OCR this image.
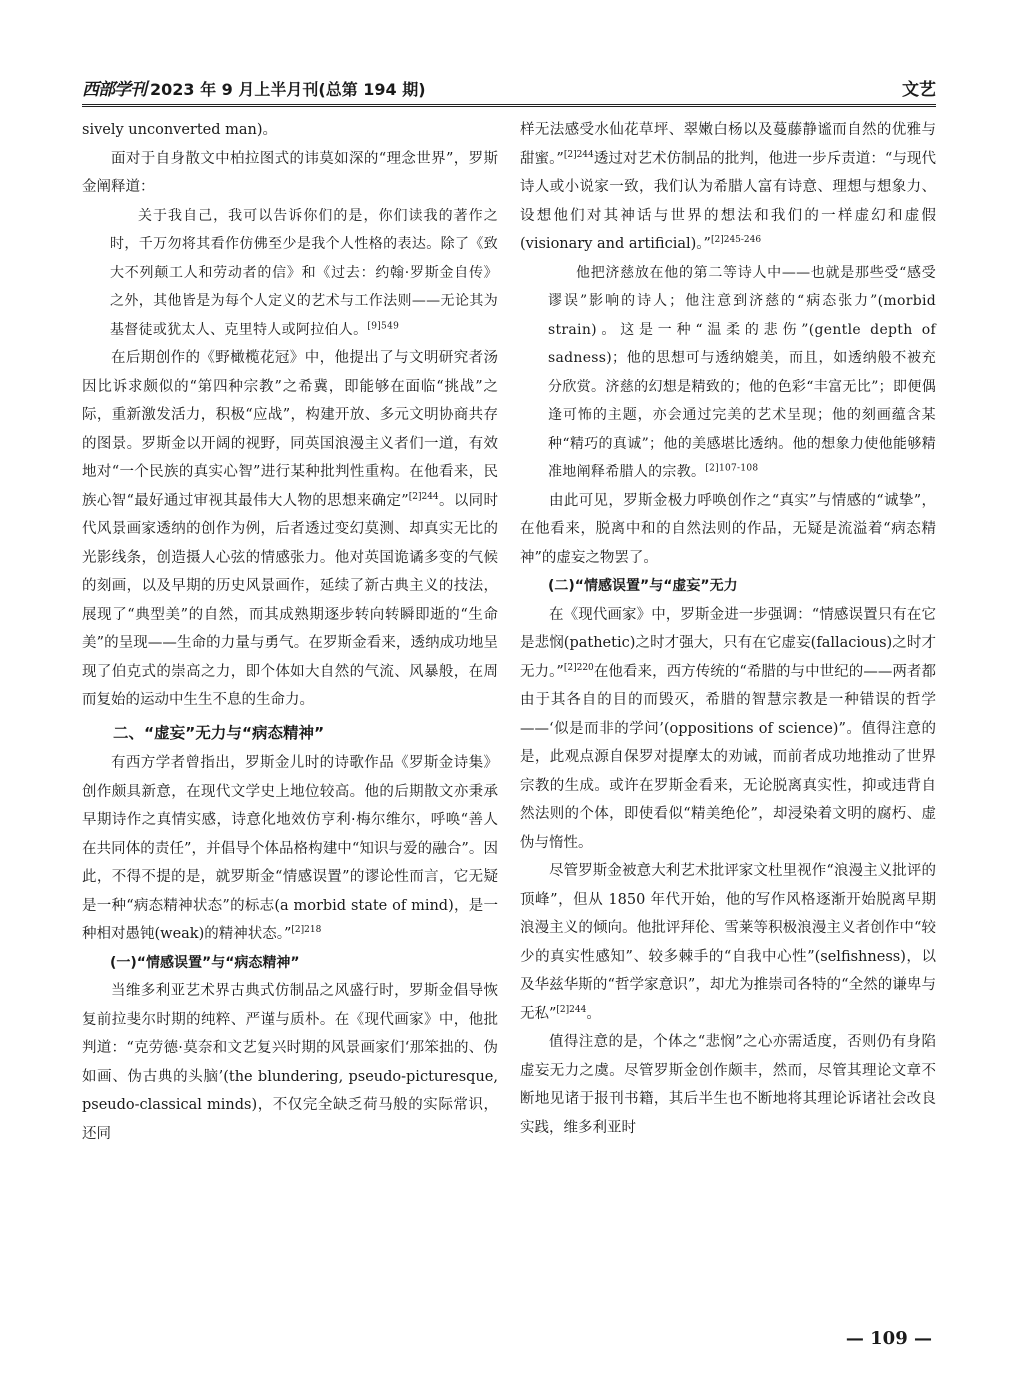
西部学刊 2023 年 9 月上半月刊(总第 194 期)	文艺

sively unconverted man)。

面对于自身散文中柏拉图式的讳莫如深的“理念世界”，罗斯金阐释道：

关于我自己，我可以告诉你们的是，你们读我的著作之时，千万勿将其看作仿佛至少是我个人性格的表达。除了《致大不列颠工人和劳动者的信》和《过去：约翰·罗斯金自传》之外，其他皆是为每个人定义的艺术与工作法则——无论其为基督徒或犹太人、克里特人或阿拉伯人。$^{[9]549}$

在后期创作的《野橄榄花冠》中，他提出了与文明研究者汤因比诉求颇似的“第四种宗教”之希冀，即能够在面临“挑战”之际，重新激发活力，积极“应战”，构建开放、多元文明协商共存的图景。罗斯金以开阔的视野，同英国浪漫主义者们一道，有效地对“一个民族的真实心智”进行某种批判性重构。在他看来，民族心智“最好通过审视其最伟大人物的思想来确定”$^{[2]244}$。以同时代风景画家透纳的创作为例，后者透过变幻莫测、却真实无比的光影线条，创造摄人心弦的情感张力。他对英国诡谲多变的气候的刻画，以及早期的历史风景画作，延续了新古典主义的技法，展现了“典型美”的自然，而其成熟期逐步转向转瞬即逝的“生命美”的呈现——生命的力量与勇气。在罗斯金看来，透纳成功地呈现了伯克式的崇高之力，即个体如大自然的气流、风暴般，在周而复始的运动中生生不息的生命力。

二、“虚妄”无力与“病态精神”

有西方学者曾指出，罗斯金儿时的诗歌作品《罗斯金诗集》创作颇具新意，在现代文学史上地位较高。他的后期散文亦秉承早期诗作之真情实感，诗意化地效仿亨利·梅尔维尔，呼唤“善人在共同体的责任”，并倡导个体品格构建中“知识与爱的融合”。因此，不得不提的是，就罗斯金“情感误置”的谬论性而言，它无疑是一种“病态精神状态”的标志(a morbid state of mind)，是一种相对愚钝(weak)的精神状态。”$^{[2]218}$

(一)“情感误置”与“病态精神”

当维多利亚艺术界古典式仿制品之风盛行时，罗斯金倡导恢复前拉斐尔时期的纯粹、严谨与质朴。在《现代画家》中，他批判道：“克劳德·莫奈和文艺复兴时期的风景画家们‘那笨拙的、伪如画、伪古典的头脑’(the blundering, pseudo-picturesque, pseudo-classical minds)，不仅完全缺乏荷马般的实际常识，还同

样无法感受水仙花草坪、翠嫩白杨以及蔓藤静谧而自然的优雅与甜蜜。”$^{[2]244}$透过对艺术仿制品的批判，他进一步斥责道：“与现代诗人或小说家一致，我们认为希腊人富有诗意、理想与想象力、设想他们对其神话与世界的想法和我们的一样虚幻和虚假(visionary and artificial)。”$^{[2]245-246}$

他把济慈放在他的第二等诗人中——也就是那些受“感受谬误”影响的诗人；他注意到济慈的“病态张力”(morbid strain)。这是一种“温柔的悲伤”(gentle depth of sadness)；他的思想可与透纳媲美，而且，如透纳般不被充分欣赏。济慈的幻想是精致的；他的色彩“丰富无比”；即便偶逢可怖的主题，亦会通过完美的艺术呈现；他的刻画蕴含某种“精巧的真诚”；他的美感堪比透纳。他的想象力使他能够精准地阐释希腊人的宗教。$^{[2]107-108}$

由此可见，罗斯金极力呼唤创作之“真实”与情感的“诚挚”，在他看来，脱离中和的自然法则的作品，无疑是流溢着“病态精神”的虚妄之物罢了。

(二)“情感误置”与“虚妄”无力

在《现代画家》中，罗斯金进一步强调：“情感误置只有在它是悲悯(pathetic)之时才强大，只有在它虚妄(fallacious)之时才无力。”$^{[2]220}$在他看来，西方传统的“希腊的与中世纪的——两者都由于其各自的目的而毁灭，希腊的智慧宗教是一种错误的哲学——‘似是而非的学问’(oppositions of science)”。值得注意的是，此观点源自保罗对提摩太的劝诫，而前者成功地推动了世界宗教的生成。或许在罗斯金看来，无论脱离真实性，抑或违背自然法则的个体，即使看似“精美绝伦”，却浸染着文明的腐朽、虚伪与惰性。

尽管罗斯金被意大利艺术批评家文杜里视作“浪漫主义批评的顶峰”，但从 1850 年代开始，他的写作风格逐渐开始脱离早期浪漫主义的倾向。他批评拜伦、雪莱等积极浪漫主义者创作中“较少的真实性感知”、较多棘手的“自我中心性”(selfishness)，以及华兹华斯的“哲学家意识”，却尤为推崇司各特的“全然的谦卑与无私”$^{[2]244}$。

值得注意的是，个体之“悲悯”之心亦需适度，否则仍有身陷虚妄无力之虞。尽管罗斯金创作颇丰，然而，尽管其理论文章不断地见诸于报刊书籍，其后半生也不断地将其理论诉诸社会改良实践，维多利亚时

— 109 —
